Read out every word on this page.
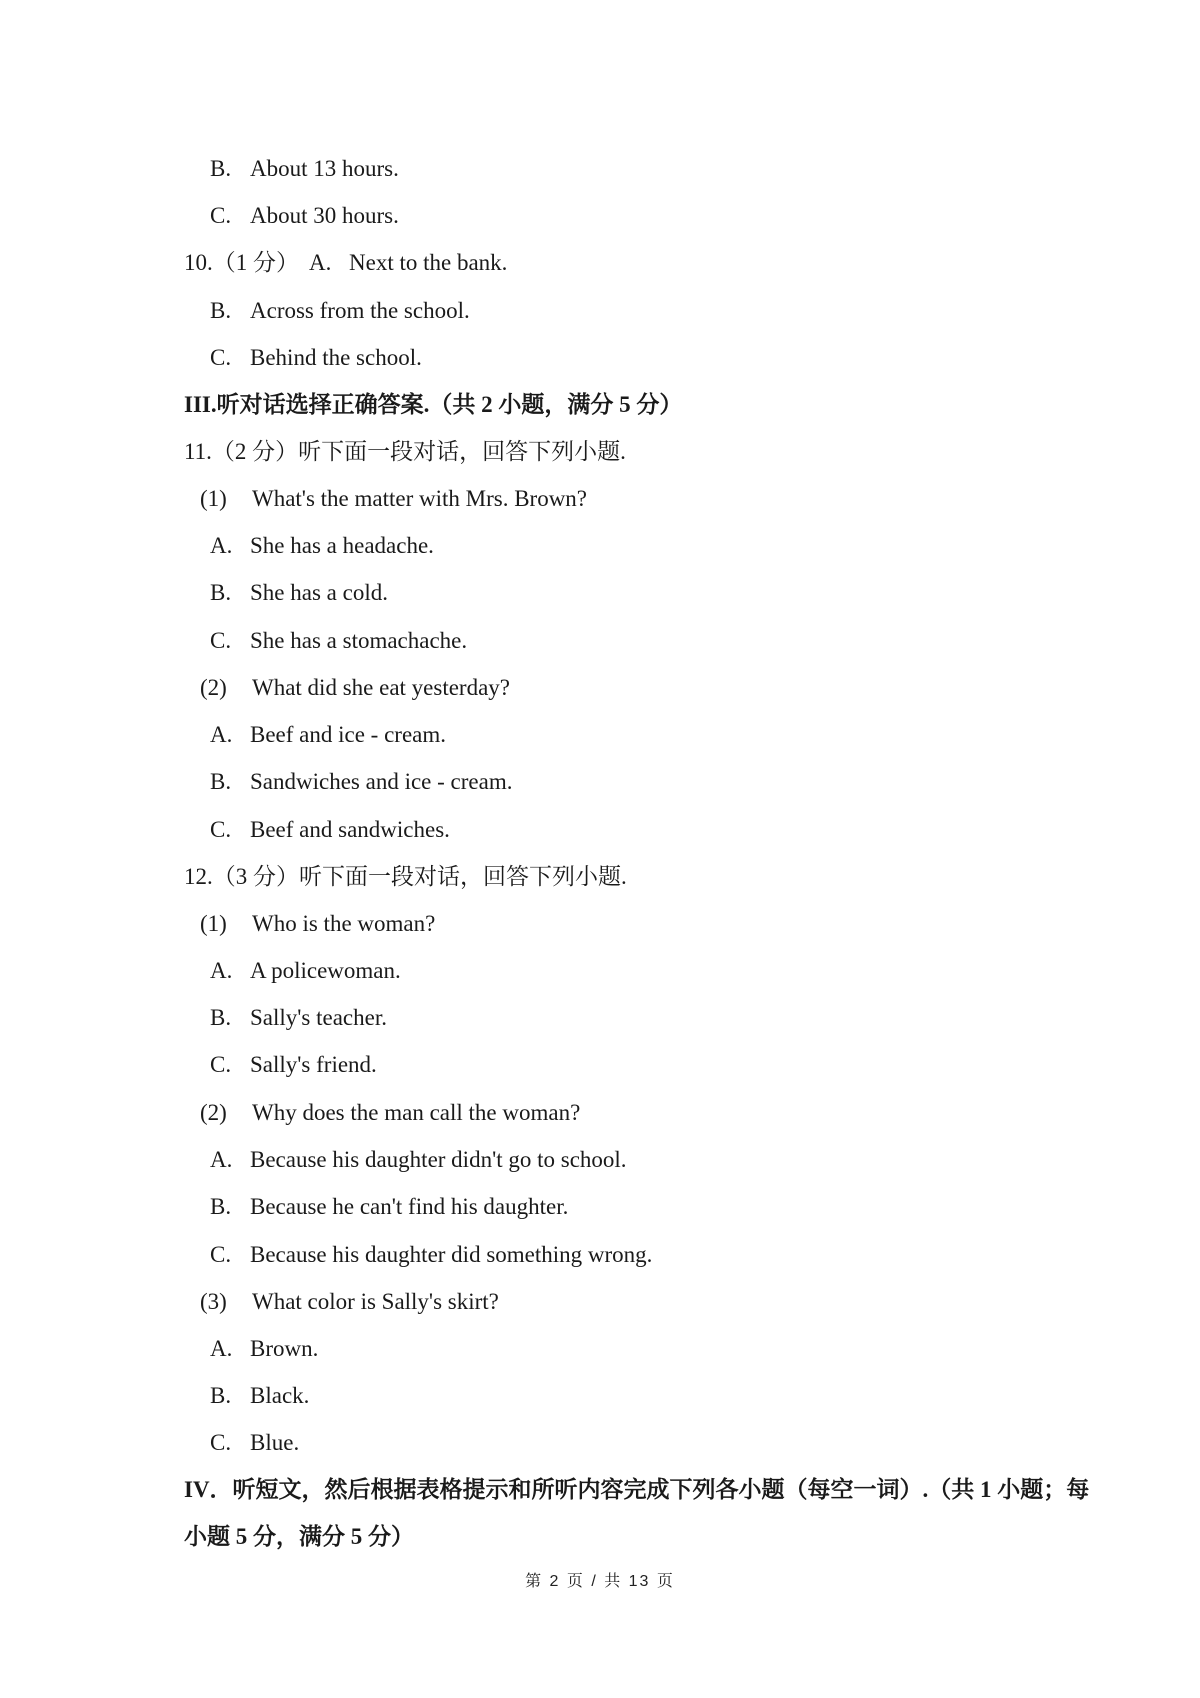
B. About 13 hours.
C. About 30 hours.
10.（1 分） A. Next to the bank.
B. Across from the school.
C. Behind the school.
III.听对话选择正确答案.（共 2 小题，满分 5 分）
11.（2 分）听下面一段对话，回答下列小题.
(1) What's the matter with Mrs. Brown?
A. She has a headache.
B. She has a cold.
C. She has a stomachache.
(2) What did she eat yesterday?
A. Beef and ice - cream.
B. Sandwiches and ice - cream.
C. Beef and sandwiches.
12.（3 分）听下面一段对话，回答下列小题.
(1) Who is the woman?
A. A policewoman.
B. Sally's teacher.
C. Sally's friend.
(2) Why does the man call the woman?
A. Because his daughter didn't go to school.
B. Because he can't find his daughter.
C. Because his daughter did something wrong.
(3) What color is Sally's skirt?
A. Brown.
B. Black.
C. Blue.
IV．听短文，然后根据表格提示和所听内容完成下列各小题（每空一词）.（共 1 小题；每
小题 5 分，满分 5 分）
第 2 页 / 共 13 页
